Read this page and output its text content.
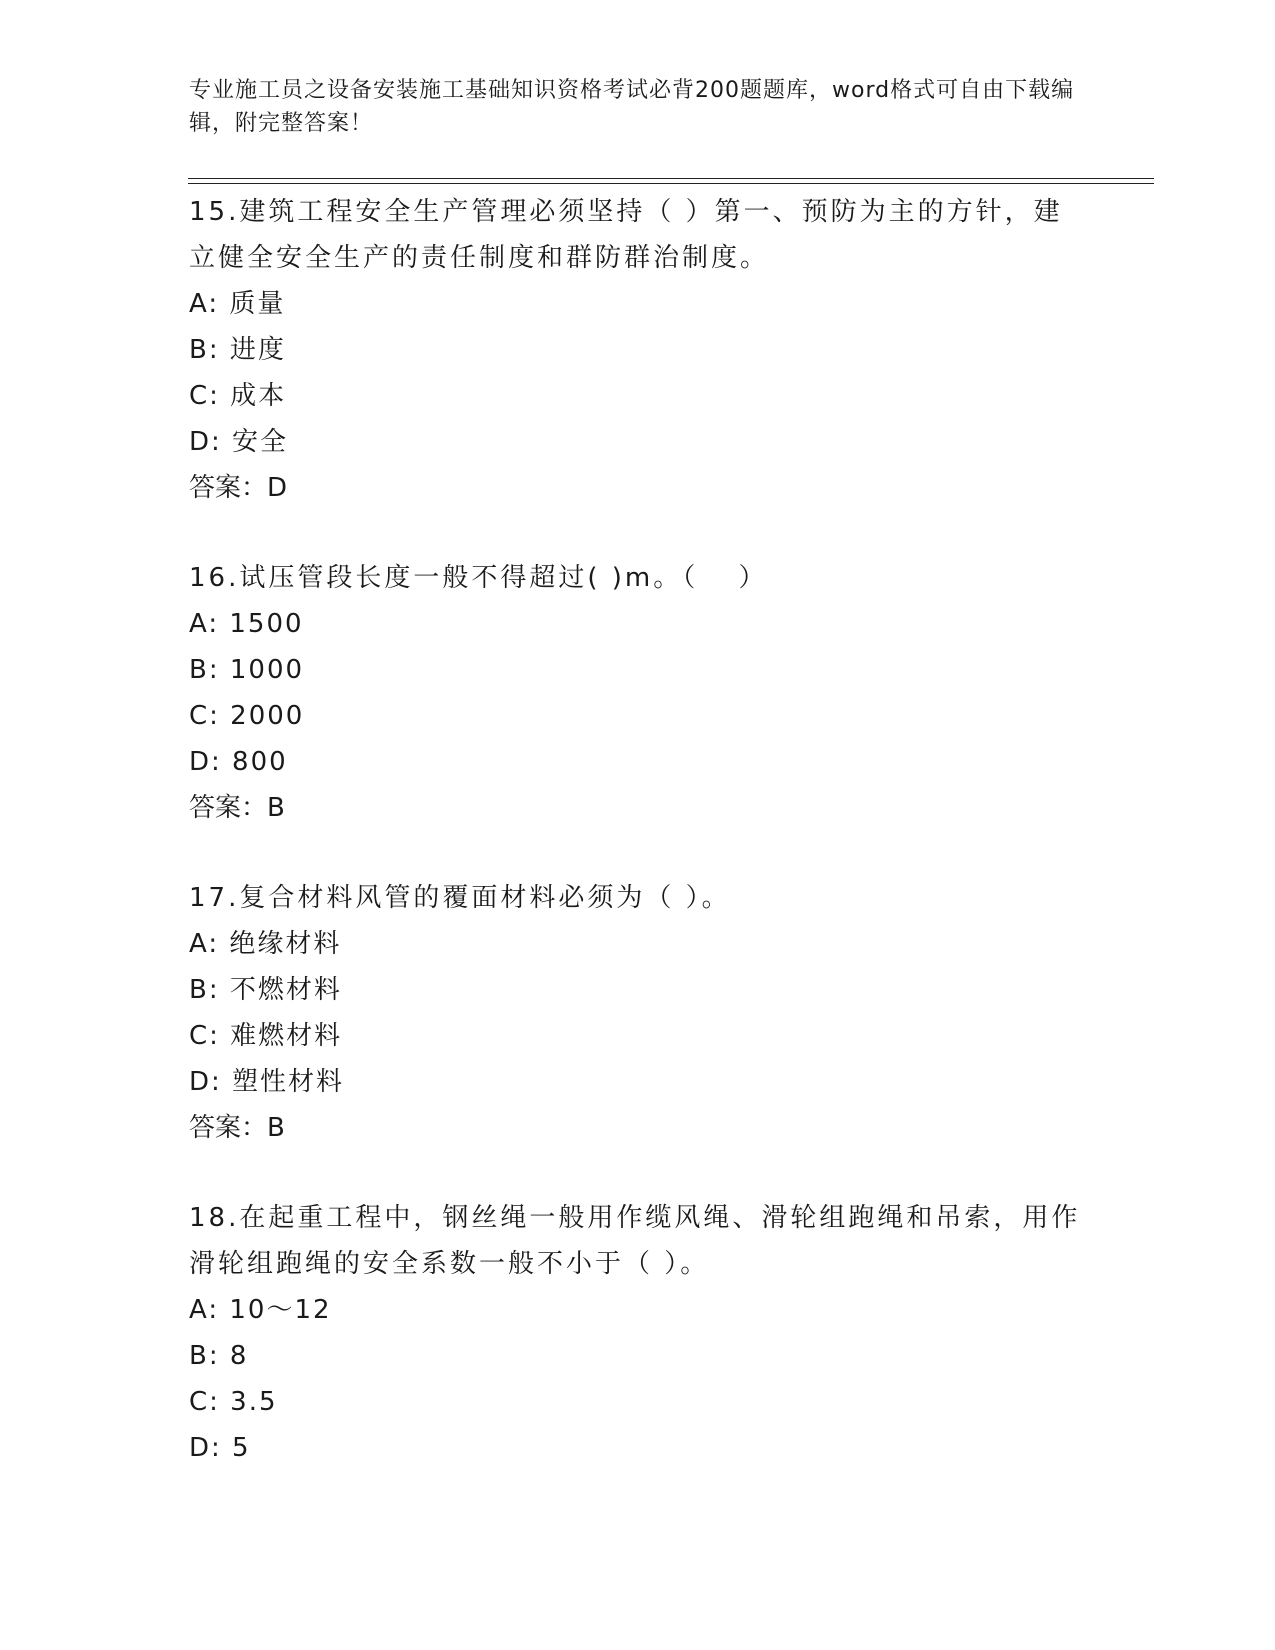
专业施工员之设备安装施工基础知识资格考试必背200题题库，word格式可自由下载编辑，附完整答案！

15.建筑工程安全生产管理必须坚持（ ）第一、预防为主的方针，建立健全安全生产的责任制度和群防群治制度。

A: 质量

B: 进度

C: 成本

D: 安全

答案：D

16.试压管段长度一般不得超过( )m。（　 ）

A: 1500

B: 1000

C: 2000

D: 800

答案：B

17.复合材料风管的覆面材料必须为（ ）。

A: 绝缘材料

B: 不燃材料

C: 难燃材料

D: 塑性材料

答案：B

18.在起重工程中，钢丝绳一般用作缆风绳、滑轮组跑绳和吊索，用作滑轮组跑绳的安全系数一般不小于（ ）。

A: 10～12

B: 8

C: 3.5

D: 5
